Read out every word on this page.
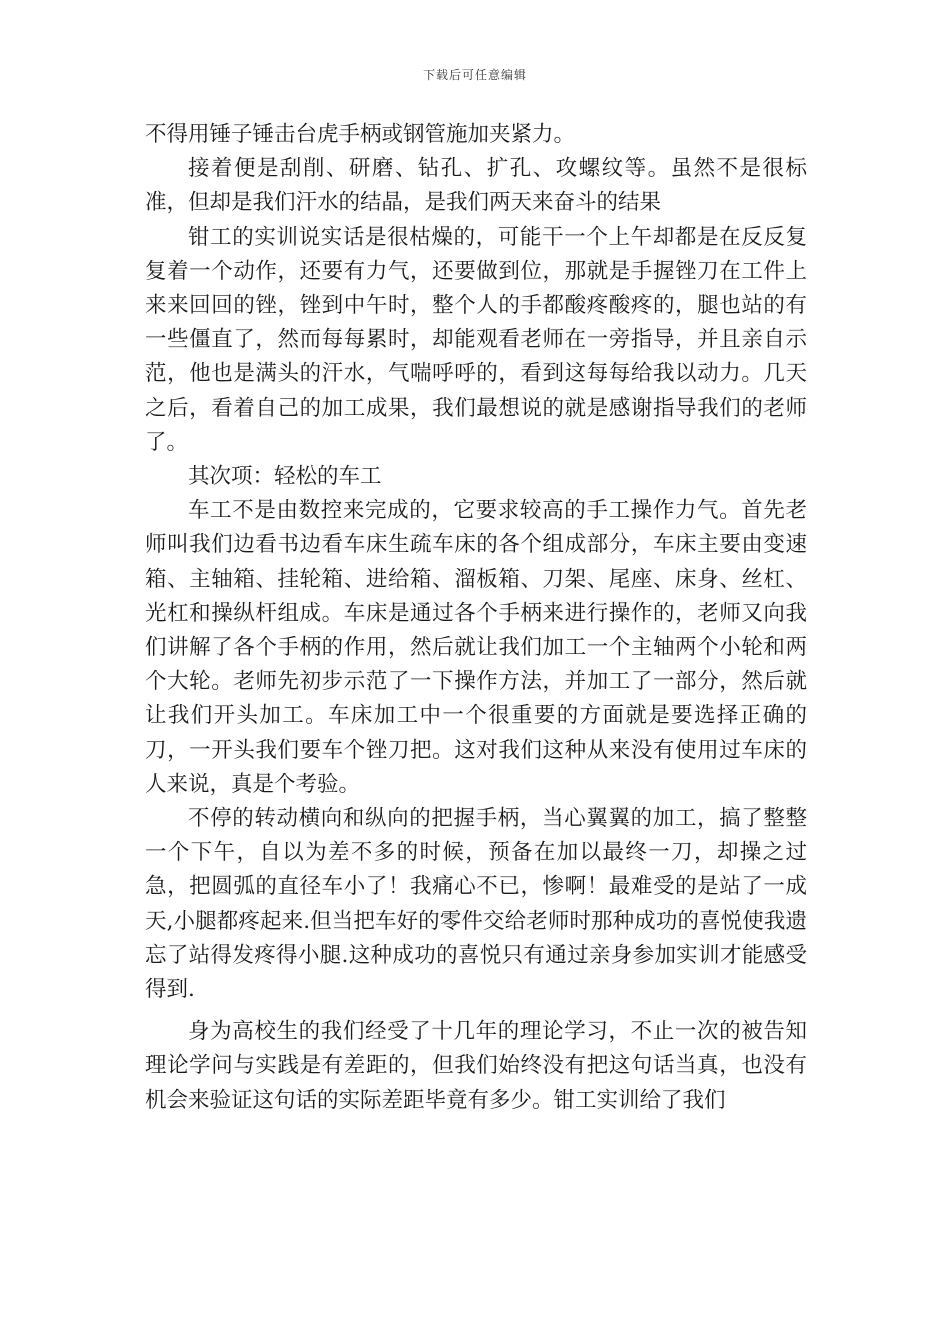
下载后可任意编辑

不得用锤子锤击台虎手柄或钢管施加夹紧力。

接着便是刮削、研磨、钻孔、扩孔、攻螺纹等。虽然不是很标准，但却是我们汗水的结晶，是我们两天来奋斗的结果

钳工的实训说实话是很枯燥的，可能干一个上午却都是在反反复复着一个动作，还要有力气，还要做到位，那就是手握锉刀在工件上来来回回的锉，锉到中午时，整个人的手都酸疼酸疼的，腿也站的有一些僵直了，然而每每累时，却能观看老师在一旁指导，并且亲自示范，他也是满头的汗水，气喘呼呼的，看到这每每给我以动力。几天之后，看着自己的加工成果，我们最想说的就是感谢指导我们的老师了。

其次项：轻松的车工

车工不是由数控来完成的，它要求较高的手工操作力气。首先老师叫我们边看书边看车床生疏车床的各个组成部分，车床主要由变速箱、主轴箱、挂轮箱、进给箱、溜板箱、刀架、尾座、床身、丝杠、光杠和操纵杆组成。车床是通过各个手柄来进行操作的，老师又向我们讲解了各个手柄的作用，然后就让我们加工一个主轴两个小轮和两个大轮。老师先初步示范了一下操作方法，并加工了一部分，然后就让我们开头加工。车床加工中一个很重要的方面就是要选择正确的刀，一开头我们要车个锉刀把。这对我们这种从来没有使用过车床的人来说，真是个考验。

不停的转动横向和纵向的把握手柄，当心翼翼的加工，搞了整整一个下午，自以为差不多的时候，预备在加以最终一刀，却操之过急，把圆弧的直径车小了！我痛心不已，惨啊！最难受的是站了一成天,小腿都疼起来.但当把车好的零件交给老师时那种成功的喜悦使我遗忘了站得发疼得小腿.这种成功的喜悦只有通过亲身参加实训才能感受得到.

身为高校生的我们经受了十几年的理论学习，不止一次的被告知理论学问与实践是有差距的，但我们始终没有把这句话当真，也没有机会来验证这句话的实际差距毕竟有多少。钳工实训给了我们
